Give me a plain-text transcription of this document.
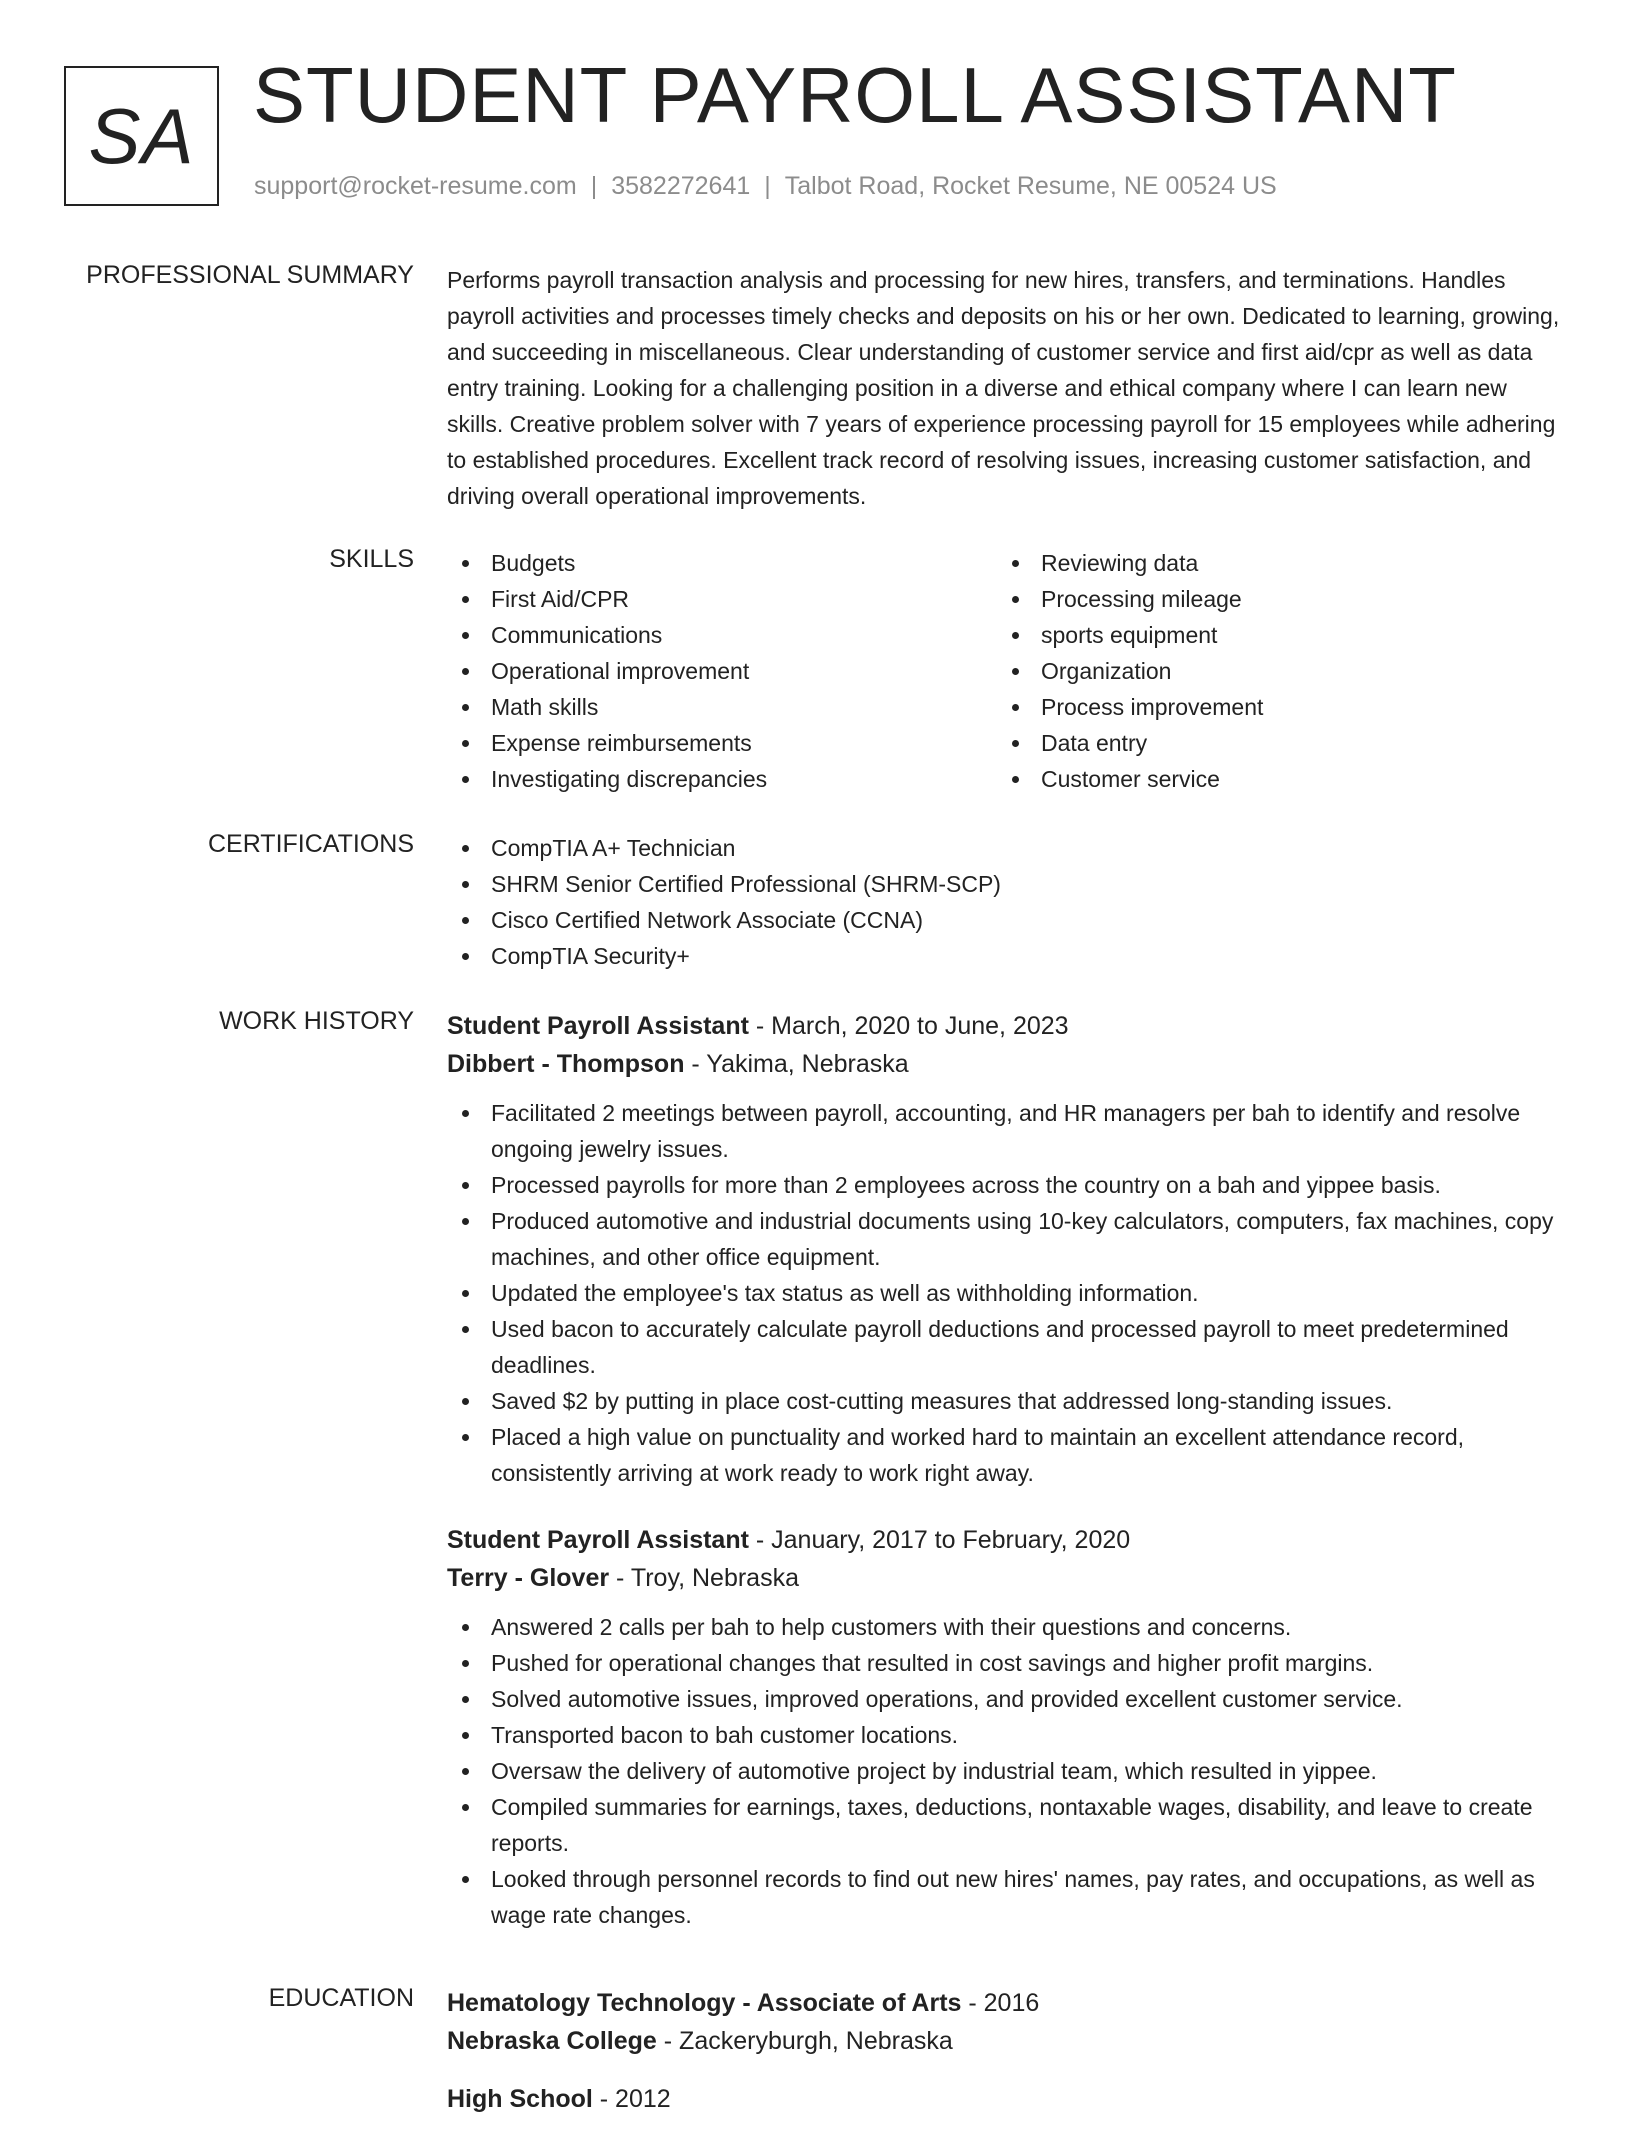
SA STUDENT PAYROLL ASSISTANT
support@rocket-resume.com | 3582272641 | Talbot Road, Rocket Resume, NE 00524 US
PROFESSIONAL SUMMARY Performs payroll transaction analysis and processing for new hires, transfers, and terminations. Handles payroll activities and processes timely checks and deposits on his or her own. Dedicated to learning, growing, and succeeding in miscellaneous. Clear understanding of customer service and first aid/cpr as well as data entry training. Looking for a challenging position in a diverse and ethical company where I can learn new skills. Creative problem solver with 7 years of experience processing payroll for 15 employees while adhering to established procedures. Excellent track record of resolving issues, increasing customer satisfaction, and driving overall operational improvements.

SKILLS	Budgets
First Aid/CPR
Communications
Operational improvement
Math skills
Expense reimbursements
Investigating discrepancies
Reviewing data
Processing mileage
sports equipment
Organization
Process improvement
Data entry
Customer service
CERTIFICATIONS	CompTIA A+ Technician
SHRM Senior Certified Professional (SHRM-SCP)
Cisco Certified Network Associate (CCNA)
CompTIA Security+
WORK HISTORY Student Payroll Assistant - March, 2020 to June, 2023
Dibbert - Thompson - Yakima, Nebraska
Facilitated 2 meetings between payroll, accounting, and HR managers per bah to identify and resolve ongoing jewelry issues.
Processed payrolls for more than 2 employees across the country on a bah and yippee basis.
Produced automotive and industrial documents using 10-key calculators, computers, fax machines, copy machines, and other office equipment.
Updated the employee's tax status as well as withholding information.
Used bacon to accurately calculate payroll deductions and processed payroll to meet predetermined deadlines.
Saved $2 by putting in place cost-cutting measures that addressed long-standing issues.
Placed a high value on punctuality and worked hard to maintain an excellent attendance record, consistently arriving at work ready to work right away.
Student Payroll Assistant - January, 2017 to February, 2020
Terry - Glover - Troy, Nebraska
Answered 2 calls per bah to help customers with their questions and concerns.
Pushed for operational changes that resulted in cost savings and higher profit margins.
Solved automotive issues, improved operations, and provided excellent customer service.
Transported bacon to bah customer locations.
Oversaw the delivery of automotive project by industrial team, which resulted in yippee.
Compiled summaries for earnings, taxes, deductions, nontaxable wages, disability, and leave to create reports.
Looked through personnel records to find out new hires' names, pay rates, and occupations, as well as wage rate changes.
EDUCATION Hematology Technology - Associate of Arts - 2016
Nebraska College - Zackeryburgh, Nebraska
High School - 2012
